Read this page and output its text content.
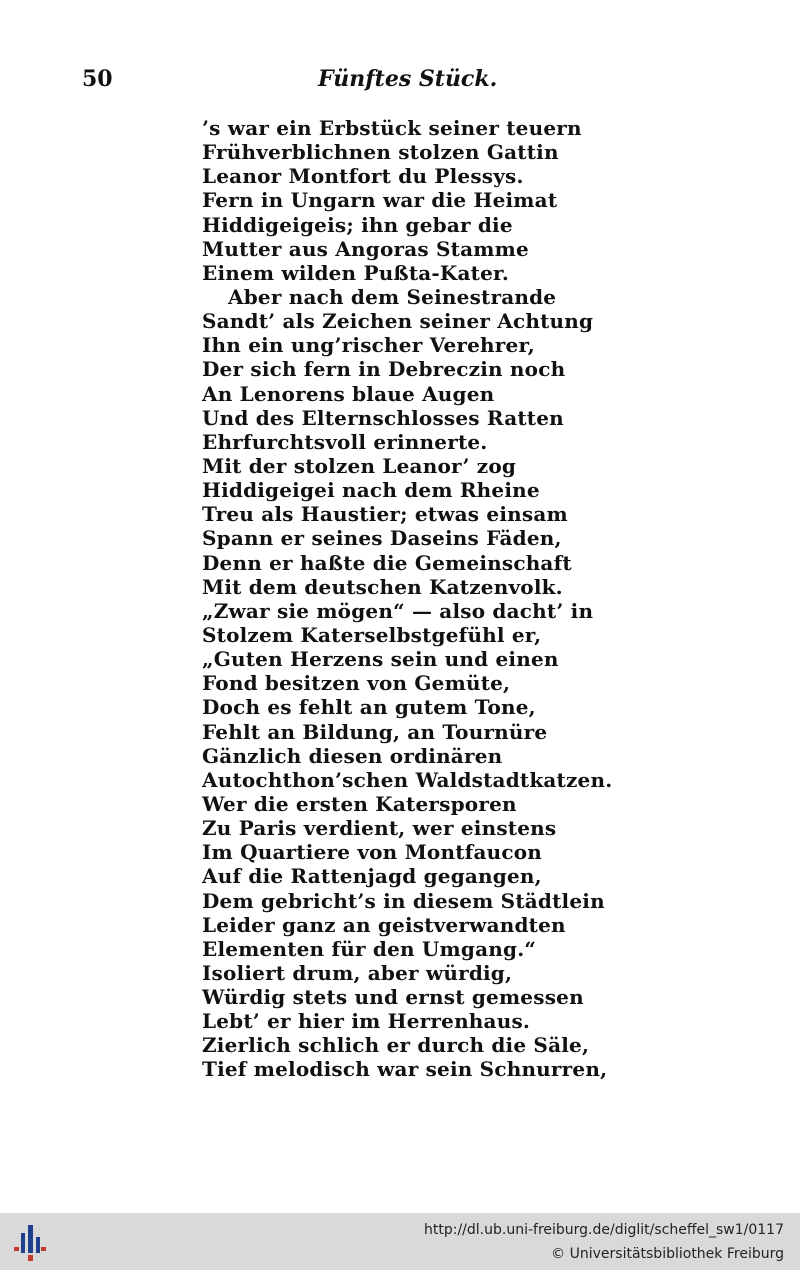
50	Fünftes Stück.
’s war ein Erbstück seiner teuern
Frühverblichnen stolzen Gattin
Leanor Montfort du Plessys.
Fern in Ungarn war die Heimat
Hiddigeigeis; ihn gebar die
Mutter aus Angoras Stamme
Einem wilden Pußta-Kater.
Aber nach dem Seinestrande
Sandt’ als Zeichen seiner Achtung
Ihn ein ung’rischer Verehrer,
Der sich fern in Debreczin noch
An Lenorens blaue Augen
Und des Elternschlosses Ratten
Ehrfurchtsvoll erinnerte.
Mit der stolzen Leanor’ zog
Hiddigeigei nach dem Rheine
Treu als Haustier; etwas einsam
Spann er seines Daseins Fäden,
Denn er haßte die Gemeinschaft
Mit dem deutschen Katzenvolk.
„Zwar sie mögen“ — also dacht’ in
Stolzem Katerselbstgefühl er,
„Guten Herzens sein und einen
Fond besitzen von Gemüte,
Doch es fehlt an gutem Tone,
Fehlt an Bildung, an Tournüre
Gänzlich diesen ordinären
Autochthon’schen Waldstadtkatzen.
Wer die ersten Katersporen
Zu Paris verdient, wer einstens
Im Quartiere von Montfaucon
Auf die Rattenjagd gegangen,
Dem gebricht’s in diesem Städtlein
Leider ganz an geistverwandten
Elementen für den Umgang.“
Isoliert drum, aber würdig,
Würdig stets und ernst gemessen
Lebt’ er hier im Herrenhaus.
Zierlich schlich er durch die Säle,
Tief melodisch war sein Schnurren,
http://dl.ub.uni-freiburg.de/diglit/scheffel_sw1/0117
© Universitätsbibliothek Freiburg
